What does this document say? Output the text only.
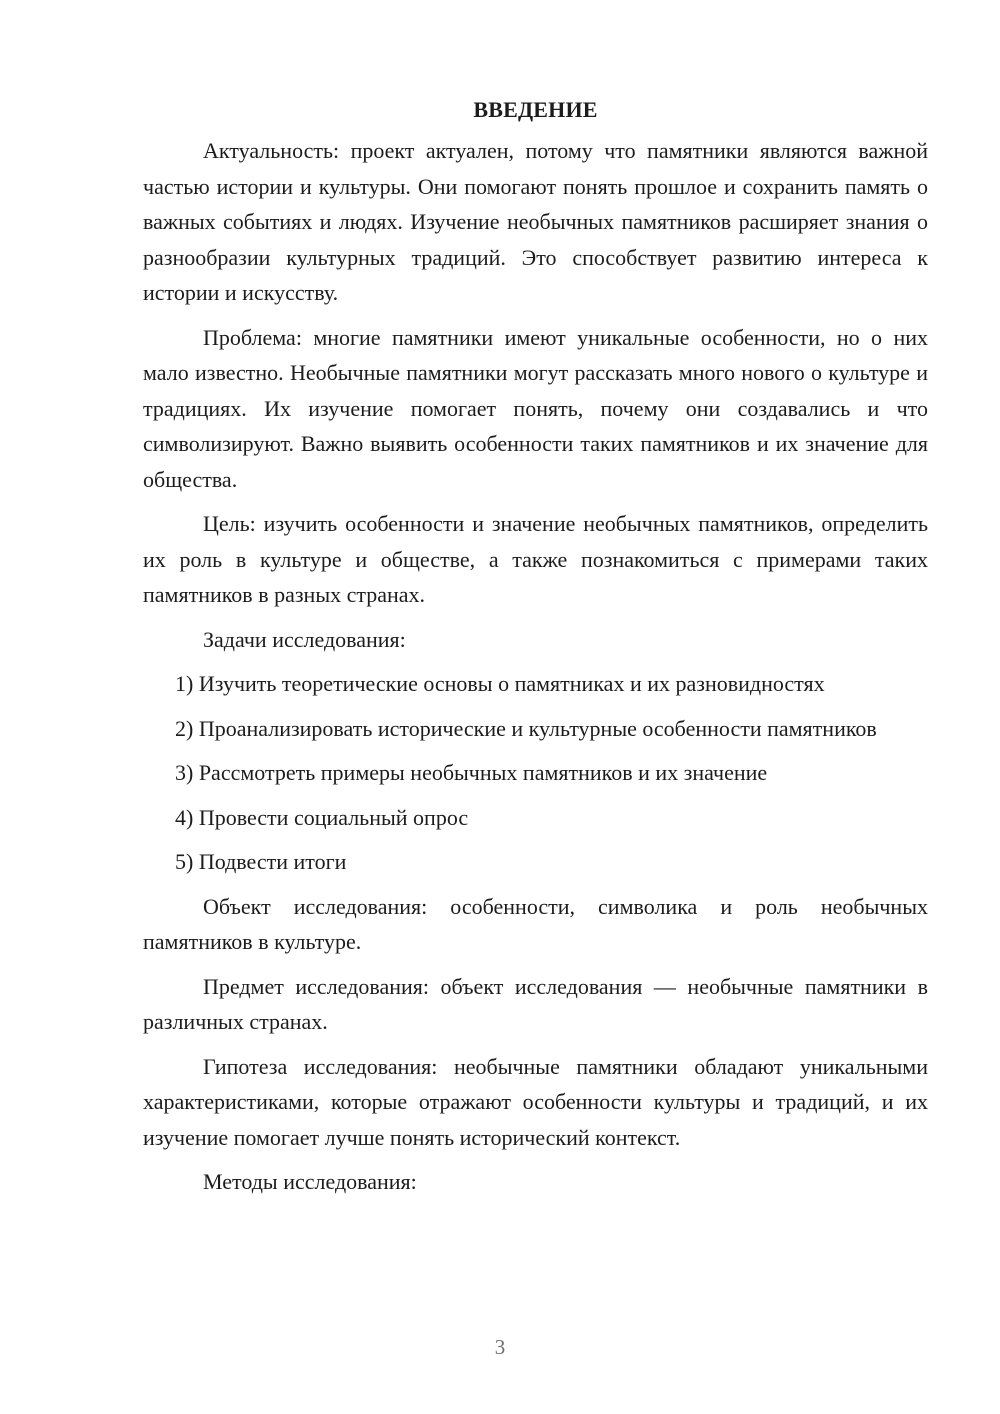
ВВЕДЕНИЕ

Актуальность: проект актуален, потому что памятники являются важной частью истории и культуры. Они помогают понять прошлое и сохранить память о важных событиях и людях. Изучение необычных памятников расширяет знания о разнообразии культурных традиций. Это способствует развитию интереса к истории и искусству.

Проблема: многие памятники имеют уникальные особенности, но о них мало известно. Необычные памятники могут рассказать много нового о культуре и традициях. Их изучение помогает понять, почему они создавались и что символизируют. Важно выявить особенности таких памятников и их значение для общества.

Цель: изучить особенности и значение необычных памятников, определить их роль в культуре и обществе, а также познакомиться с примерами таких памятников в разных странах.

Задачи исследования:

1) Изучить теоретические основы о памятниках и их разновидностях

2) Проанализировать исторические и культурные особенности памятников

3) Рассмотреть примеры необычных памятников и их значение

4) Провести социальный опрос

5) Подвести итоги

Объект исследования: особенности, символика и роль необычных памятников в культуре.

Предмет исследования: объект исследования — необычные памятники в различных странах.

Гипотеза исследования: необычные памятники обладают уникальными характеристиками, которые отражают особенности культуры и традиций, и их изучение помогает лучше понять исторический контекст.

Методы исследования:

3
